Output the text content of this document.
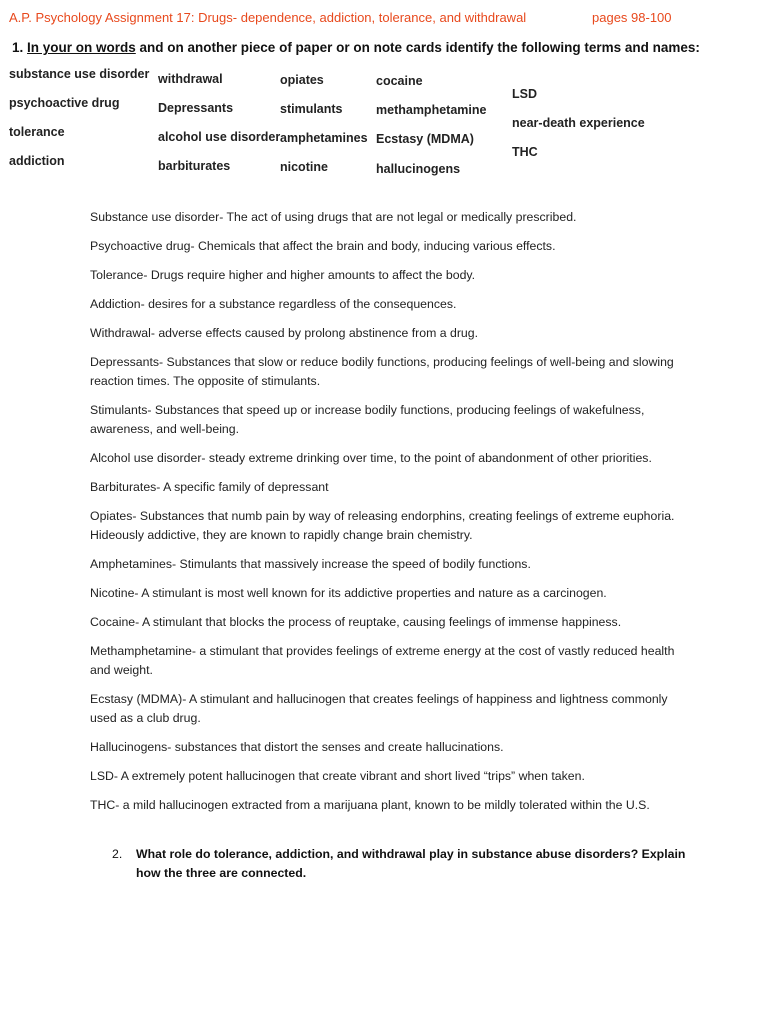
A.P. Psychology Assignment 17: Drugs- dependence, addiction, tolerance, and withdrawal	pages 98-100
1. In your on words and on another piece of paper or on note cards identify the following terms and names:
substance use disorder
psychoactive drug
tolerance
addiction
withdrawal
Depressants
alcohol use disorder
barbiturates
opiates
stimulants
amphetamines
nicotine
cocaine
methamphetamine
Ecstasy (MDMA)
hallucinogens
LSD
near-death experience
THC

Substance use disorder- The act of using drugs that are not legal or medically prescribed.

Psychoactive drug- Chemicals that affect the brain and body, inducing various effects.

Tolerance- Drugs require higher and higher amounts to affect the body.

Addiction- desires for a substance regardless of the consequences.

Withdrawal- adverse effects caused by prolong abstinence from a drug.

Depressants- Substances that slow or reduce bodily functions, producing feelings of well-being and slowing reaction times. The opposite of stimulants.

Stimulants- Substances that speed up or increase bodily functions, producing feelings of wakefulness, awareness, and well-being.

Alcohol use disorder- steady extreme drinking over time, to the point of abandonment of other priorities.

Barbiturates- A specific family of depressant

Opiates- Substances that numb pain by way of releasing endorphins, creating feelings of extreme euphoria. Hideously addictive, they are known to rapidly change brain chemistry.

Amphetamines- Stimulants that massively increase the speed of bodily functions.

Nicotine- A stimulant is most well known for its addictive properties and nature as a carcinogen.

Cocaine- A stimulant that blocks the process of reuptake, causing feelings of immense happiness.

Methamphetamine- a stimulant that provides feelings of extreme energy at the cost of vastly reduced health and weight.

Ecstasy (MDMA)- A stimulant and hallucinogen that creates feelings of happiness and lightness commonly used as a club drug.

Hallucinogens- substances that distort the senses and create hallucinations.

LSD- A extremely potent hallucinogen that create vibrant and short lived “trips” when taken.

THC- a mild hallucinogen extracted from a marijuana plant, known to be mildly tolerated within the U.S.

2. What role do tolerance, addiction, and withdrawal play in substance abuse disorders? Explain how the three are connected.
